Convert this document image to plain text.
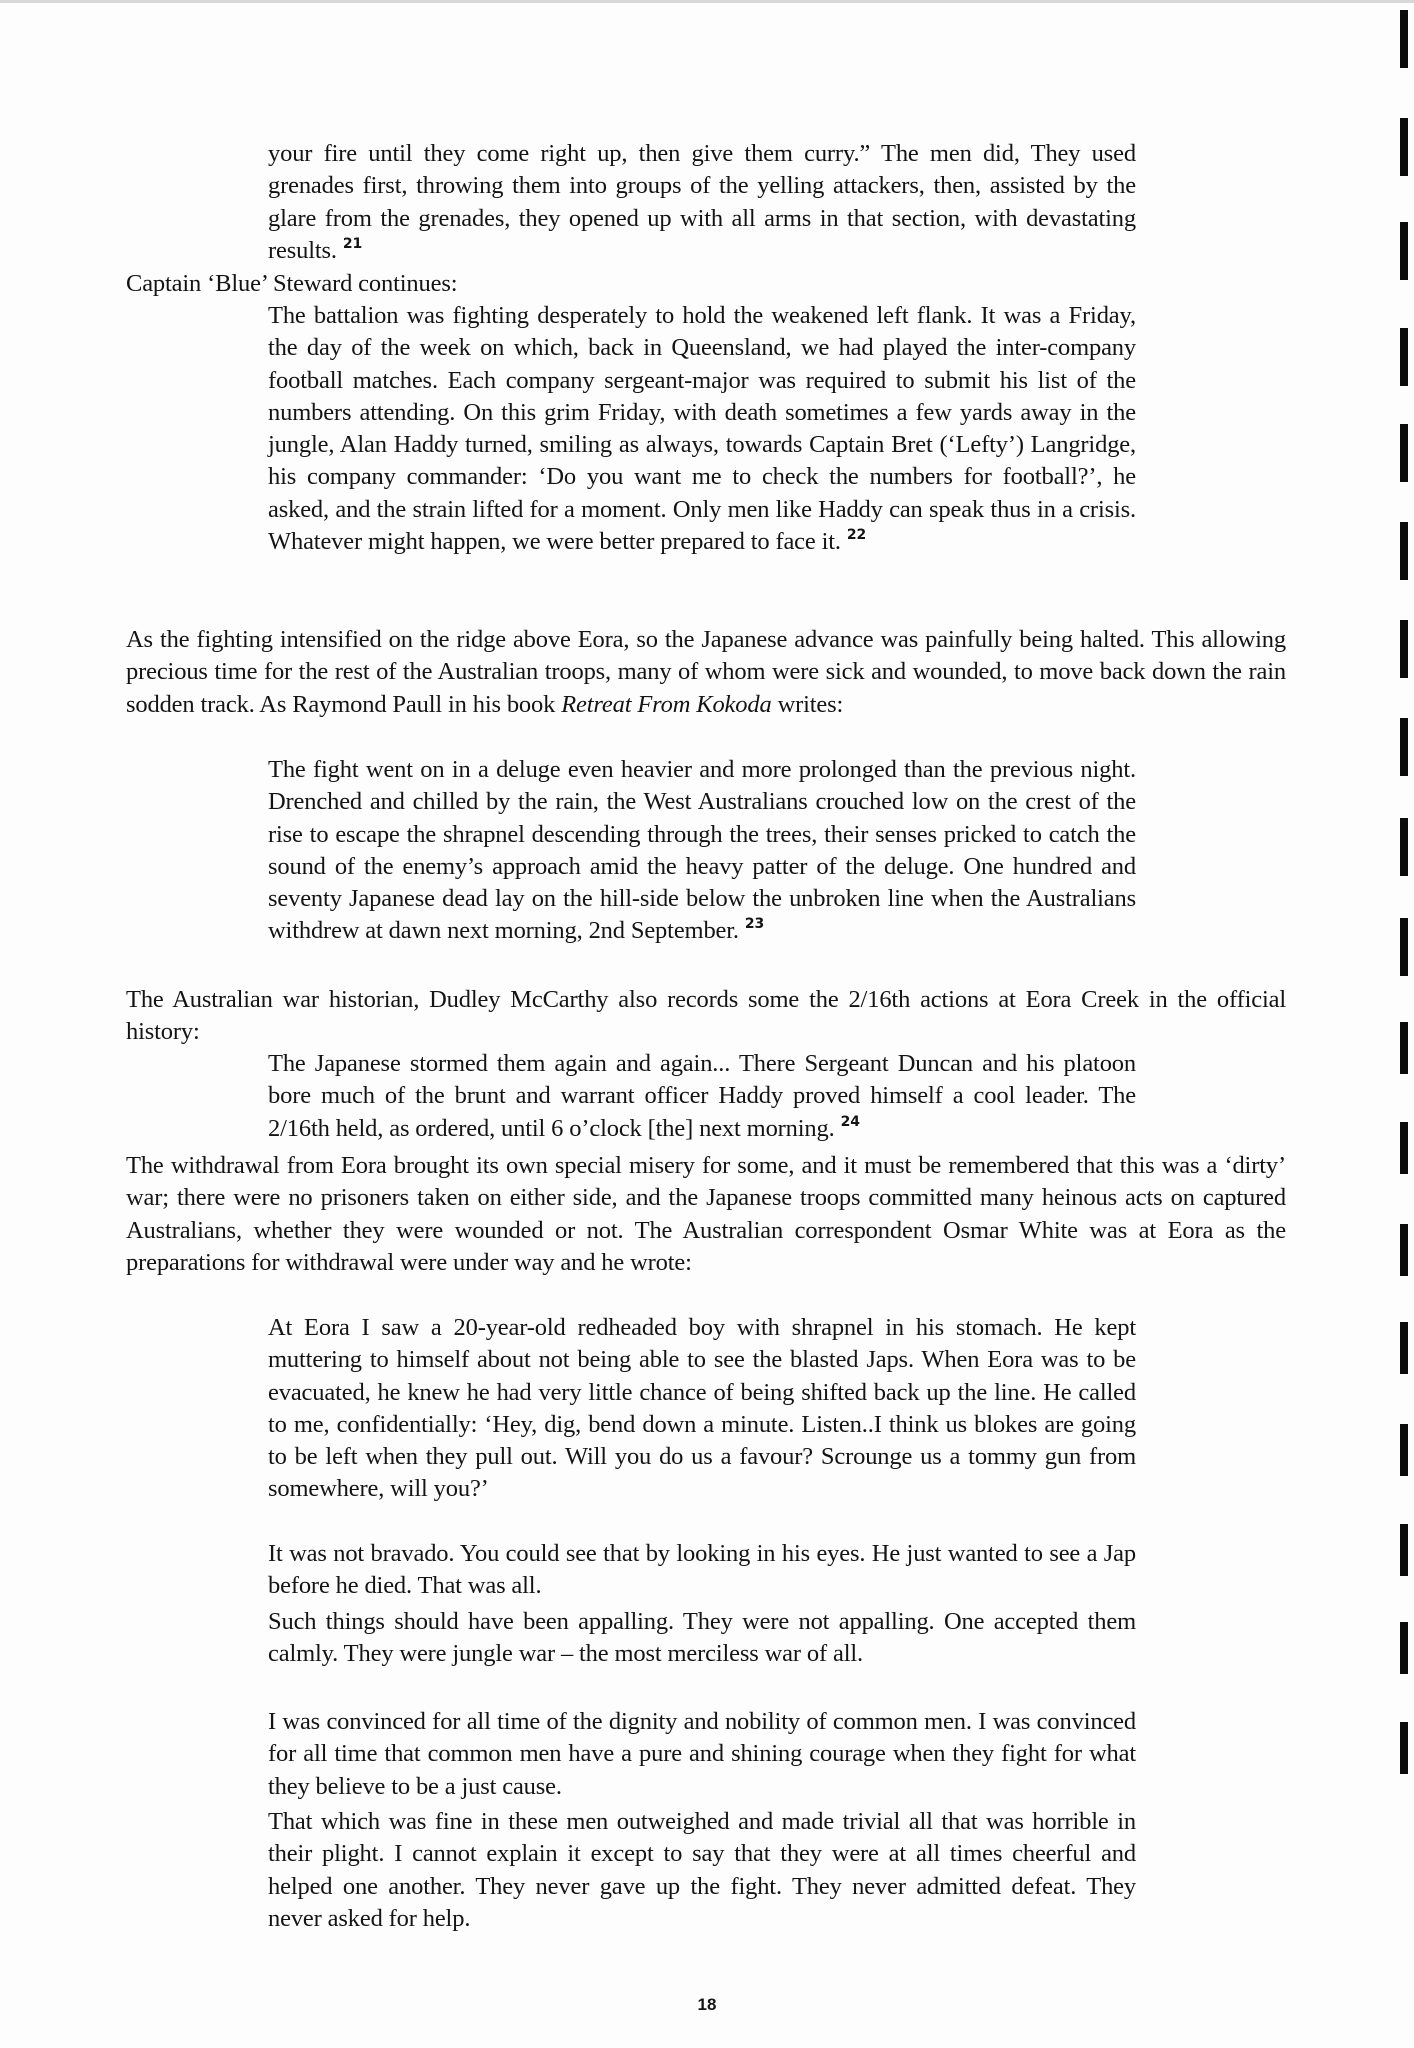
your fire until they come right up, then give them curry.” The men did, They used grenades first, throwing them into groups of the yelling attackers, then, assisted by the glare from the grenades, they opened up with all arms in that section, with devastating results. $^{21}$

Captain ‘Blue’ Steward continues:

The battalion was fighting desperately to hold the weakened left flank. It was a Friday, the day of the week on which, back in Queensland, we had played the inter-company football matches. Each company sergeant-major was required to submit his list of the numbers attending. On this grim Friday, with death sometimes a few yards away in the jungle, Alan Haddy turned, smiling as always, towards Captain Bret (‘Lefty’) Langridge, his company commander: ‘Do you want me to check the numbers for football?’, he asked, and the strain lifted for a moment. Only men like Haddy can speak thus in a crisis. Whatever might happen, we were better prepared to face it. $^{22}$

As the fighting intensified on the ridge above Eora, so the Japanese advance was painfully being halted. This allowing precious time for the rest of the Australian troops, many of whom were sick and wounded, to move back down the rain sodden track. As Raymond Paull in his book Retreat From Kokoda writes:

The fight went on in a deluge even heavier and more prolonged than the previous night. Drenched and chilled by the rain, the West Australians crouched low on the crest of the rise to escape the shrapnel descending through the trees, their senses pricked to catch the sound of the enemy’s approach amid the heavy patter of the deluge. One hundred and seventy Japanese dead lay on the hill-side below the unbroken line when the Australians withdrew at dawn next morning, 2nd September. $^{23}$

The Australian war historian, Dudley McCarthy also records some the 2/16th actions at Eora Creek in the official history:

The Japanese stormed them again and again... There Sergeant Duncan and his platoon bore much of the brunt and warrant officer Haddy proved himself a cool leader. The 2/16th held, as ordered, until 6 o’clock [the] next morning. $^{24}$

The withdrawal from Eora brought its own special misery for some, and it must be remembered that this was a ‘dirty’ war; there were no prisoners taken on either side, and the Japanese troops committed many heinous acts on captured Australians, whether they were wounded or not. The Australian correspondent Osmar White was at Eora as the preparations for withdrawal were under way and he wrote:

At Eora I saw a 20-year-old redheaded boy with shrapnel in his stomach. He kept muttering to himself about not being able to see the blasted Japs. When Eora was to be evacuated, he knew he had very little chance of being shifted back up the line. He called to me, confidentially: ‘Hey, dig, bend down a minute. Listen..I think us blokes are going to be left when they pull out. Will you do us a favour? Scrounge us a tommy gun from somewhere, will you?’

It was not bravado. You could see that by looking in his eyes. He just wanted to see a Jap before he died. That was all.

Such things should have been appalling. They were not appalling. One accepted them calmly. They were jungle war – the most merciless war of all.

I was convinced for all time of the dignity and nobility of common men. I was convinced for all time that common men have a pure and shining courage when they fight for what they believe to be a just cause.

That which was fine in these men outweighed and made trivial all that was horrible in their plight. I cannot explain it except to say that they were at all times cheerful and helped one another. They never gave up the fight. They never admitted defeat. They never asked for help.

18
